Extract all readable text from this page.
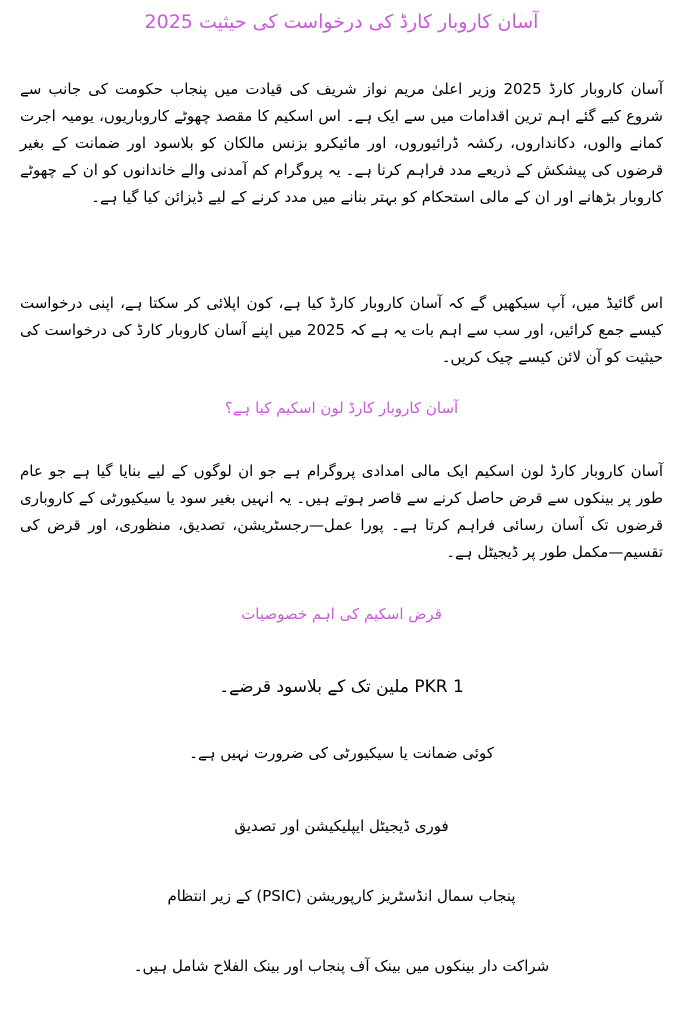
آسان کاروبار کارڈ کی درخواست کی حیثیت 2025

آسان کاروبار کارڈ 2025 وزیر اعلیٰ مریم نواز شریف کی قیادت میں پنجاب حکومت کی جانب سے شروع کیے گئے اہم ترین اقدامات میں سے ایک ہے۔ اس اسکیم کا مقصد چھوٹے کاروباریوں، یومیہ اجرت کمانے والوں، دکانداروں، رکشہ ڈرائیوروں، اور مائیکرو بزنس مالکان کو بلاسود اور ضمانت کے بغیر قرضوں کی پیشکش کے ذریعے مدد فراہم کرنا ہے۔ یہ پروگرام کم آمدنی والے خاندانوں کو ان کے چھوٹے کاروبار بڑھانے اور ان کے مالی استحکام کو بہتر بنانے میں مدد کرنے کے لیے ڈیزائن کیا گیا ہے۔

اس گائیڈ میں، آپ سیکھیں گے کہ آسان کاروبار کارڈ کیا ہے، کون اپلائی کر سکتا ہے، اپنی درخواست کیسے جمع کرائیں، اور سب سے اہم بات یہ ہے کہ 2025 میں اپنے آسان کاروبار کارڈ کی درخواست کی حیثیت کو آن لائن کیسے چیک کریں۔

آسان کاروبار کارڈ لون اسکیم کیا ہے؟

آسان کاروبار کارڈ لون اسکیم ایک مالی امدادی پروگرام ہے جو ان لوگوں کے لیے بنایا گیا ہے جو عام طور پر بینکوں سے قرض حاصل کرنے سے قاصر ہوتے ہیں۔ یہ انہیں بغیر سود یا سیکیورٹی کے کاروباری قرضوں تک آسان رسائی فراہم کرتا ہے۔ پورا عمل—رجسٹریشن، تصدیق، منظوری، اور قرض کی تقسیم—مکمل طور پر ڈیجیٹل ہے۔

قرض اسکیم کی اہم خصوصیات

PKR 1 ملین تک کے بلاسود قرضے۔

کوئی ضمانت یا سیکیورٹی کی ضرورت نہیں ہے۔

فوری ڈیجیٹل ایپلیکیشن اور تصدیق

پنجاب سمال انڈسٹریز کارپوریشن (PSIC) کے زیر انتظام

شراکت دار بینکوں میں بینک آف پنجاب اور بینک الفلاح شامل ہیں۔
